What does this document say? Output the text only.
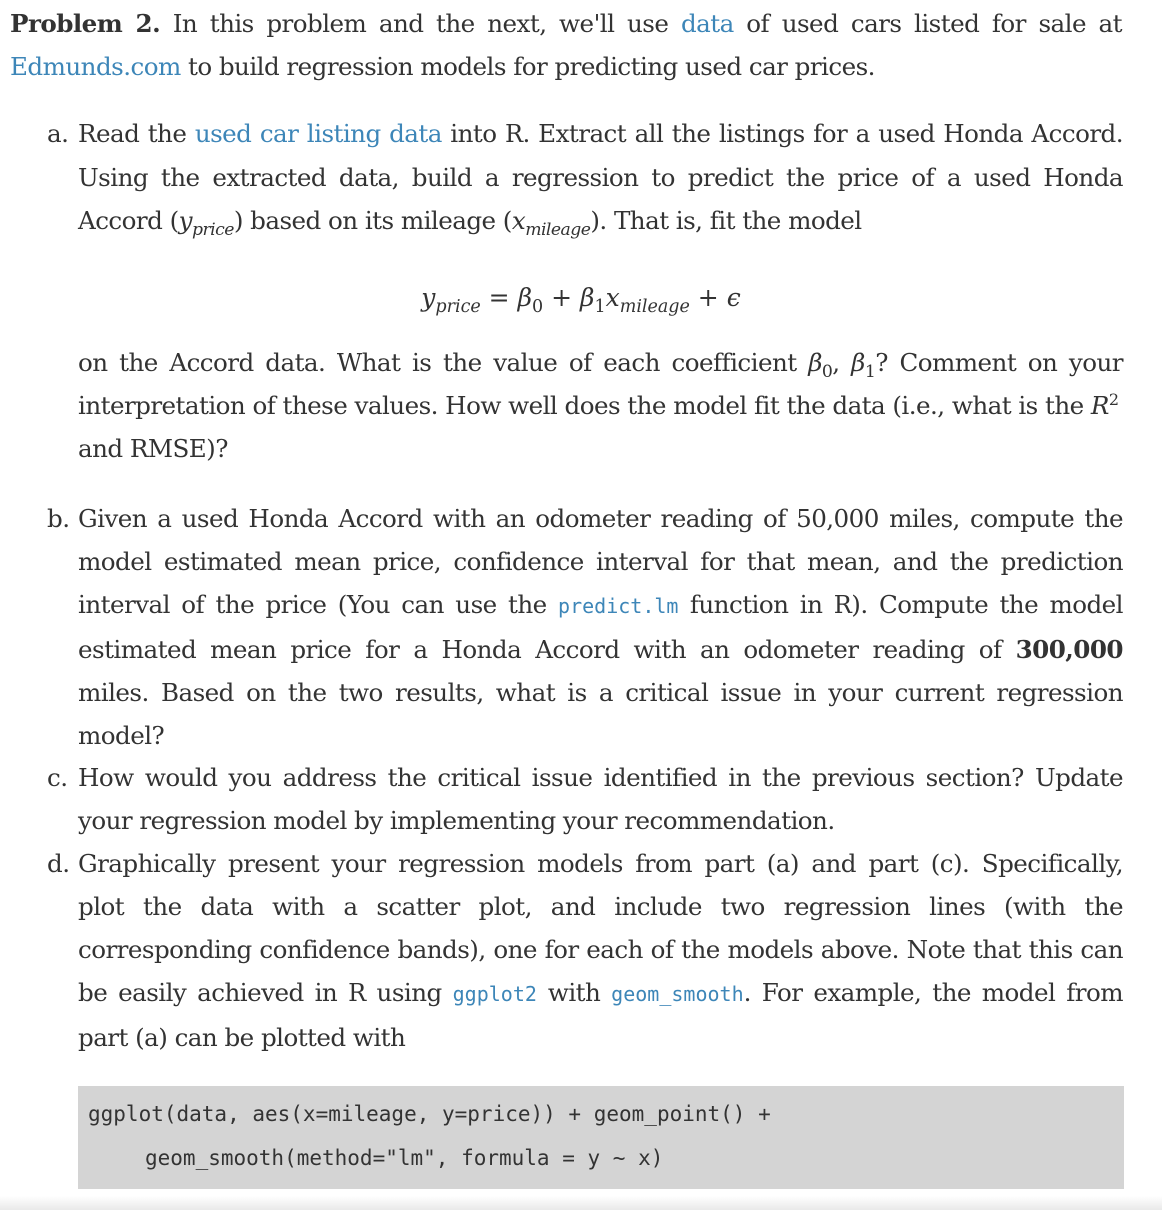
Problem 2. In this problem and the next, we'll use data of used cars listed for sale at Edmunds.com to build regression models for predicting used car prices.
a. Read the used car listing data into R. Extract all the listings for a used Honda Accord.
Using the extracted data, build a regression to predict the price of a used Honda
Accord $(y_{price})$ based on its mileage $(x_{mileage})$. That is, fit the model
on the Accord data. What is the value of each coefficient $\beta_0$, $\beta_1$? Comment on your
interpretation of these values. How well does the model fit the data (i.e., what is the $R^2$
and RMSE)?
b. Given a used Honda Accord with an odometer reading of 50,000 miles, compute the
model estimated mean price, confidence interval for that mean, and the prediction
interval of the price (You can use the predict.lm function in R). Compute the model
estimated mean price for a Honda Accord with an odometer reading of 300,000
miles. Based on the two results, what is a critical issue in your current regression
model?
c. How would you address the critical issue identified in the previous section? Update
your regression model by implementing your recommendation.
d. Graphically present your regression models from part (a) and part (c). Specifically,
plot the data with a scatter plot, and include two regression lines (with the
corresponding confidence bands), one for each of the models above. Note that this can
be easily achieved in R using ggplot2 with geom_smooth. For example, the model from
part (a) can be plotted with
$y_{price} = \beta_0 + \beta_1x_{mileage} + \epsilon$
ggplot(data, aes(x=mileage, y=price)) + geom_point() +
geom_smooth(method="lm", formula = y ~ x)
